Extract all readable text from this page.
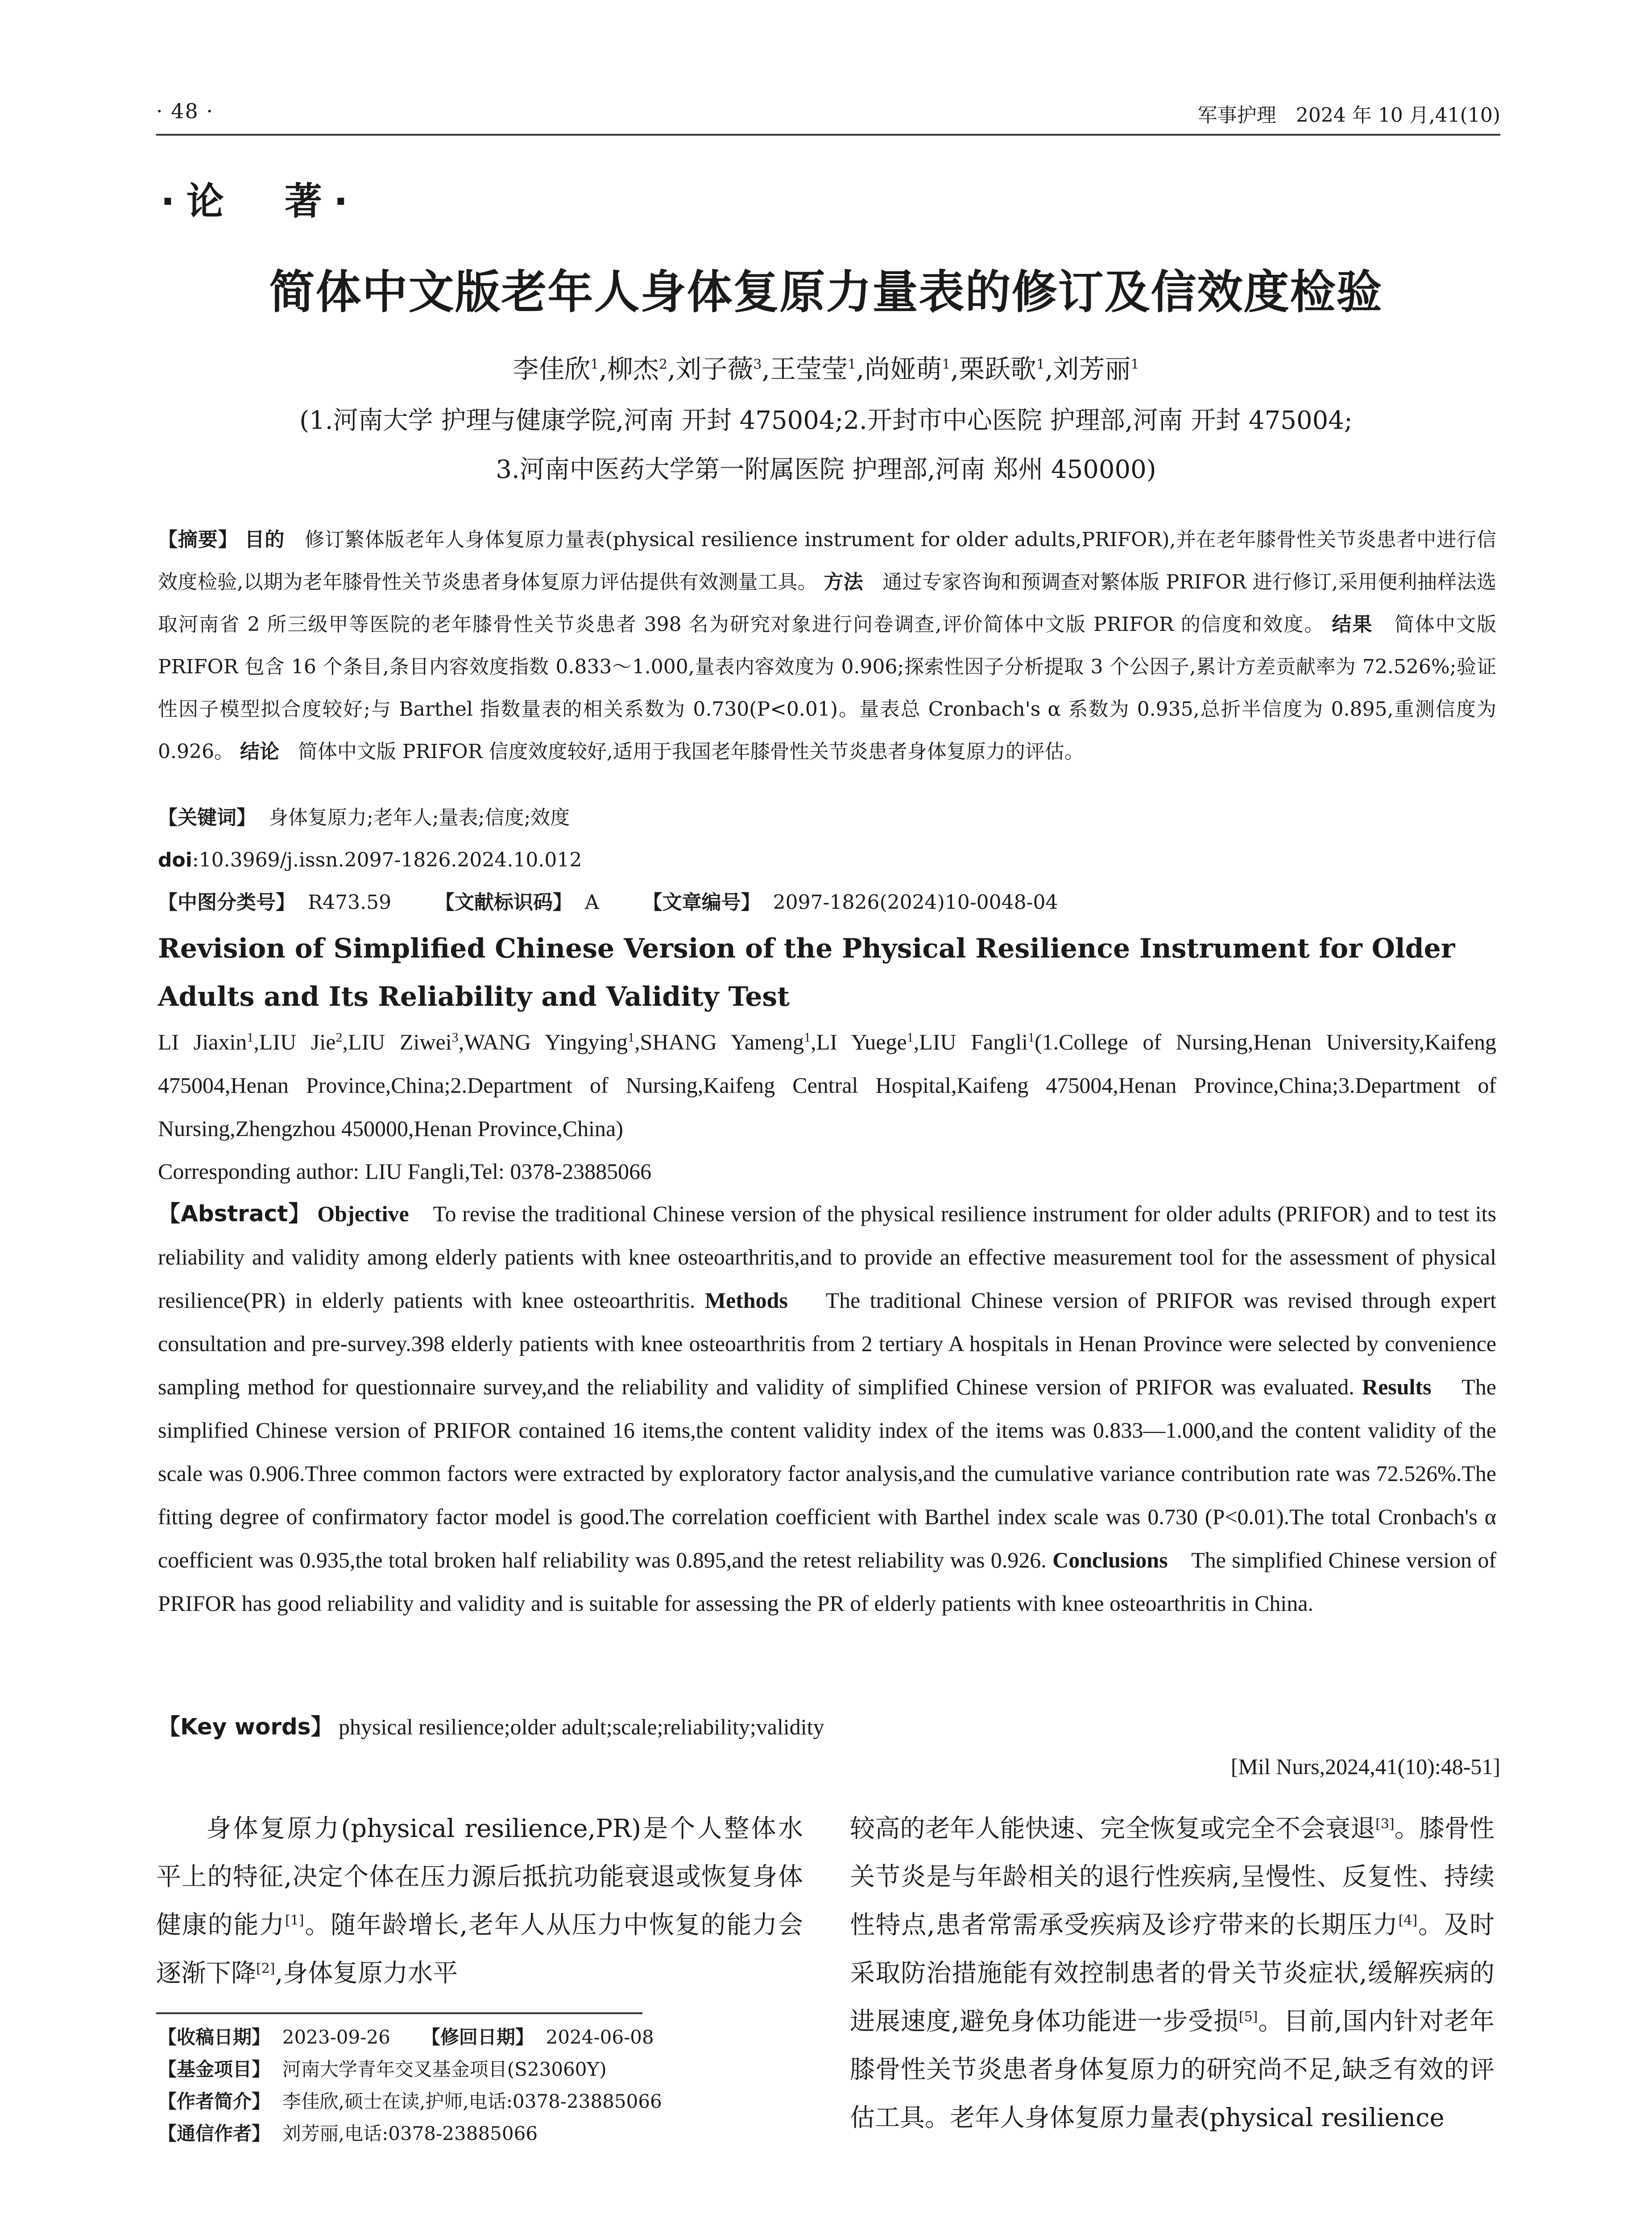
· 48 ·	军事护理　2024 年 10 月,41(10)
·论　著·
简体中文版老年人身体复原力量表的修订及信效度检验
李佳欣$^1$,柳杰$^2$,刘子薇$^3$,王莹莹$^1$,尚娅萌$^1$,栗跃歌$^1$,刘芳丽$^1$
(1.河南大学 护理与健康学院,河南 开封 475004;2.开封市中心医院 护理部,河南 开封 475004;
3.河南中医药大学第一附属医院 护理部,河南 郑州 450000)
【摘要】 目的 修订繁体版老年人身体复原力量表(physical resilience instrument for older adults,PRIFOR),并在老年膝骨性关节炎患者中进行信效度检验,以期为老年膝骨性关节炎患者身体复原力评估提供有效测量工具。 方法 通过专家咨询和预调查对繁体版 PRIFOR 进行修订,采用便利抽样法选取河南省 2 所三级甲等医院的老年膝骨性关节炎患者 398 名为研究对象进行问卷调查,评价简体中文版 PRIFOR 的信度和效度。 结果 简体中文版 PRIFOR 包含 16 个条目,条目内容效度指数 0.833～1.000,量表内容效度为 0.906;探索性因子分析提取 3 个公因子,累计方差贡献率为 72.526%;验证性因子模型拟合度较好;与 Barthel 指数量表的相关系数为 0.730(P<0.01)。量表总 Cronbach's α 系数为 0.935,总折半信度为 0.895,重测信度为 0.926。 结论 简体中文版 PRIFOR 信度效度较好,适用于我国老年膝骨性关节炎患者身体复原力的评估。
【关键词】 身体复原力;老年人;量表;信度;效度
doi:10.3969/j.issn.2097-1826.2024.10.012
【中图分类号】 R473.59 【文献标识码】 A 【文章编号】 2097-1826(2024)10-0048-04
Revision of Simplified Chinese Version of the Physical Resilience Instrument for Older Adults and Its Reliability and Validity Test
LI Jiaxin$^1$,LIU Jie$^2$,LIU Ziwei$^3$,WANG Yingying$^1$,SHANG Yameng$^1$,LI Yuege$^1$,LIU Fangli$^1$(1.College of Nursing,Henan University,Kaifeng 475004,Henan Province,China;2.Department of Nursing,Kaifeng Central Hospital,Kaifeng 475004,Henan Province,China;3.Department of Nursing,Zhengzhou 450000,Henan Province,China)
Corresponding author: LIU Fangli,Tel: 0378-23885066
【Abstract】 Objective To revise the traditional Chinese version of the physical resilience instrument for older adults (PRIFOR) and to test its reliability and validity among elderly patients with knee osteoarthritis,and to provide an effective measurement tool for the assessment of physical resilience(PR) in elderly patients with knee osteoarthritis. Methods The traditional Chinese version of PRIFOR was revised through expert consultation and pre-survey.398 elderly patients with knee osteoarthritis from 2 tertiary A hospitals in Henan Province were selected by convenience sampling method for questionnaire survey,and the reliability and validity of simplified Chinese version of PRIFOR was evaluated. Results The simplified Chinese version of PRIFOR contained 16 items,the content validity index of the items was 0.833—1.000,and the content validity of the scale was 0.906.Three common factors were extracted by exploratory factor analysis,and the cumulative variance contribution rate was 72.526%.The fitting degree of confirmatory factor model is good.The correlation coefficient with Barthel index scale was 0.730 (P<0.01).The total Cronbach's α coefficient was 0.935,the total broken half reliability was 0.895,and the retest reliability was 0.926. Conclusions The simplified Chinese version of PRIFOR has good reliability and validity and is suitable for assessing the PR of elderly patients with knee osteoarthritis in China.
【Key words】 physical resilience;older adult;scale;reliability;validity
[Mil Nurs,2024,41(10):48-51]
身体复原力(physical resilience,PR)是个人整体水平上的特征,决定个体在压力源后抵抗功能衰退或恢复身体健康的能力[1]。随年龄增长,老年人从压力中恢复的能力会逐渐下降[2],身体复原力水平
较高的老年人能快速、完全恢复或完全不会衰退[3]。膝骨性关节炎是与年龄相关的退行性疾病,呈慢性、反复性、持续性特点,患者常需承受疾病及诊疗带来的长期压力[4]。及时采取防治措施能有效控制患者的骨关节炎症状,缓解疾病的进展速度,避免身体功能进一步受损[5]。目前,国内针对老年膝骨性关节炎患者身体复原力的研究尚不足,缺乏有效的评估工具。老年人身体复原力量表(physical resilience
【收稿日期】 2023-09-26 【修回日期】 2024-06-08
【基金项目】 河南大学青年交叉基金项目(S23060Y)
【作者简介】 李佳欣,硕士在读,护师,电话:0378-23885066
【通信作者】 刘芳丽,电话:0378-23885066
